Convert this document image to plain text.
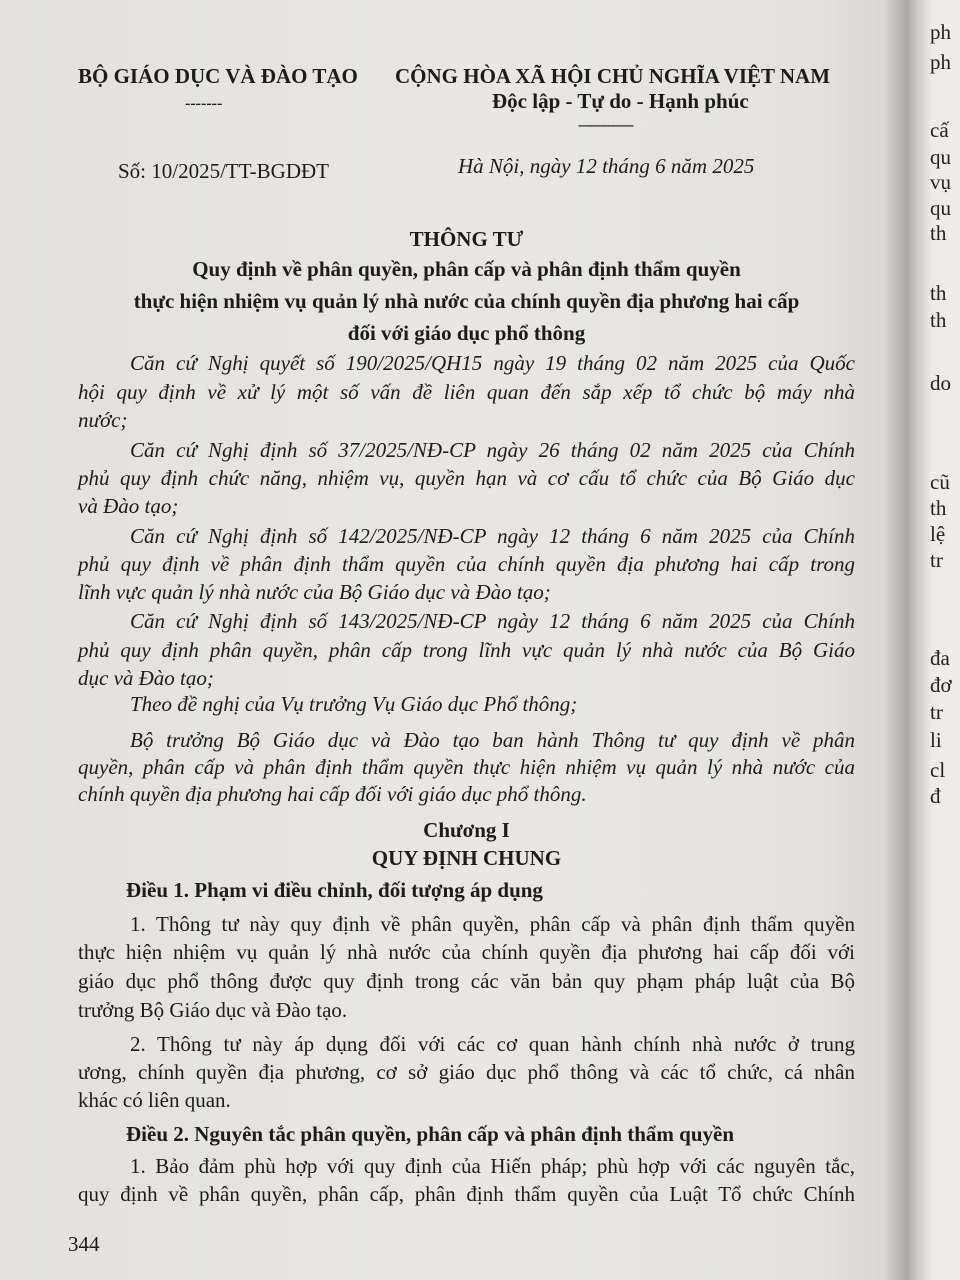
BỘ GIÁO DỤC VÀ ĐÀO TẠO
-------
CỘNG HÒA XÃ HỘI CHỦ NGHĨA VIỆT NAM
Độc lập - Tự do - Hạnh phúc
---------------
Số: 10/2025/TT-BGDĐT	Hà Nội, ngày 12 tháng 6 năm 2025
THÔNG TƯ
Quy định về phân quyền, phân cấp và phân định thẩm quyền
thực hiện nhiệm vụ quản lý nhà nước của chính quyền địa phương hai cấp
đối với giáo dục phổ thông
Căn cứ Nghị quyết số 190/2025/QH15 ngày 19 tháng 02 năm 2025 của Quốc
hội quy định về xử lý một số vấn đề liên quan đến sắp xếp tổ chức bộ máy nhà
nước;
Căn cứ Nghị định số 37/2025/NĐ-CP ngày 26 tháng 02 năm 2025 của Chính
phủ quy định chức năng, nhiệm vụ, quyền hạn và cơ cấu tổ chức của Bộ Giáo dục
và Đào tạo;
Căn cứ Nghị định số 142/2025/NĐ-CP ngày 12 tháng 6 năm 2025 của Chính
phủ quy định về phân định thẩm quyền của chính quyền địa phương hai cấp trong
lĩnh vực quản lý nhà nước của Bộ Giáo dục và Đào tạo;
Căn cứ Nghị định số 143/2025/NĐ-CP ngày 12 tháng 6 năm 2025 của Chính
phủ quy định phân quyền, phân cấp trong lĩnh vực quản lý nhà nước của Bộ Giáo
dục và Đào tạo;
Theo đề nghị của Vụ trưởng Vụ Giáo dục Phổ thông;
Bộ trưởng Bộ Giáo dục và Đào tạo ban hành Thông tư quy định về phân
quyền, phân cấp và phân định thẩm quyền thực hiện nhiệm vụ quản lý nhà nước của
chính quyền địa phương hai cấp đối với giáo dục phổ thông.
Chương I
QUY ĐỊNH CHUNG
Điều 1. Phạm vi điều chỉnh, đối tượng áp dụng
1. Thông tư này quy định về phân quyền, phân cấp và phân định thẩm quyền
thực hiện nhiệm vụ quản lý nhà nước của chính quyền địa phương hai cấp đối với
giáo dục phổ thông được quy định trong các văn bản quy phạm pháp luật của Bộ
trưởng Bộ Giáo dục và Đào tạo.
2. Thông tư này áp dụng đối với các cơ quan hành chính nhà nước ở trung
ương, chính quyền địa phương, cơ sở giáo dục phổ thông và các tổ chức, cá nhân
khác có liên quan.
Điều 2. Nguyên tắc phân quyền, phân cấp và phân định thẩm quyền
1. Bảo đảm phù hợp với quy định của Hiến pháp; phù hợp với các nguyên tắc,
quy định về phân quyền, phân cấp, phân định thẩm quyền của Luật Tổ chức Chính
344
ph
ph
cấ
qu
vụ
qu
th
th
th
do
cũ
th
lệ
tr
đa
đơ
tr
li
cl
đ
